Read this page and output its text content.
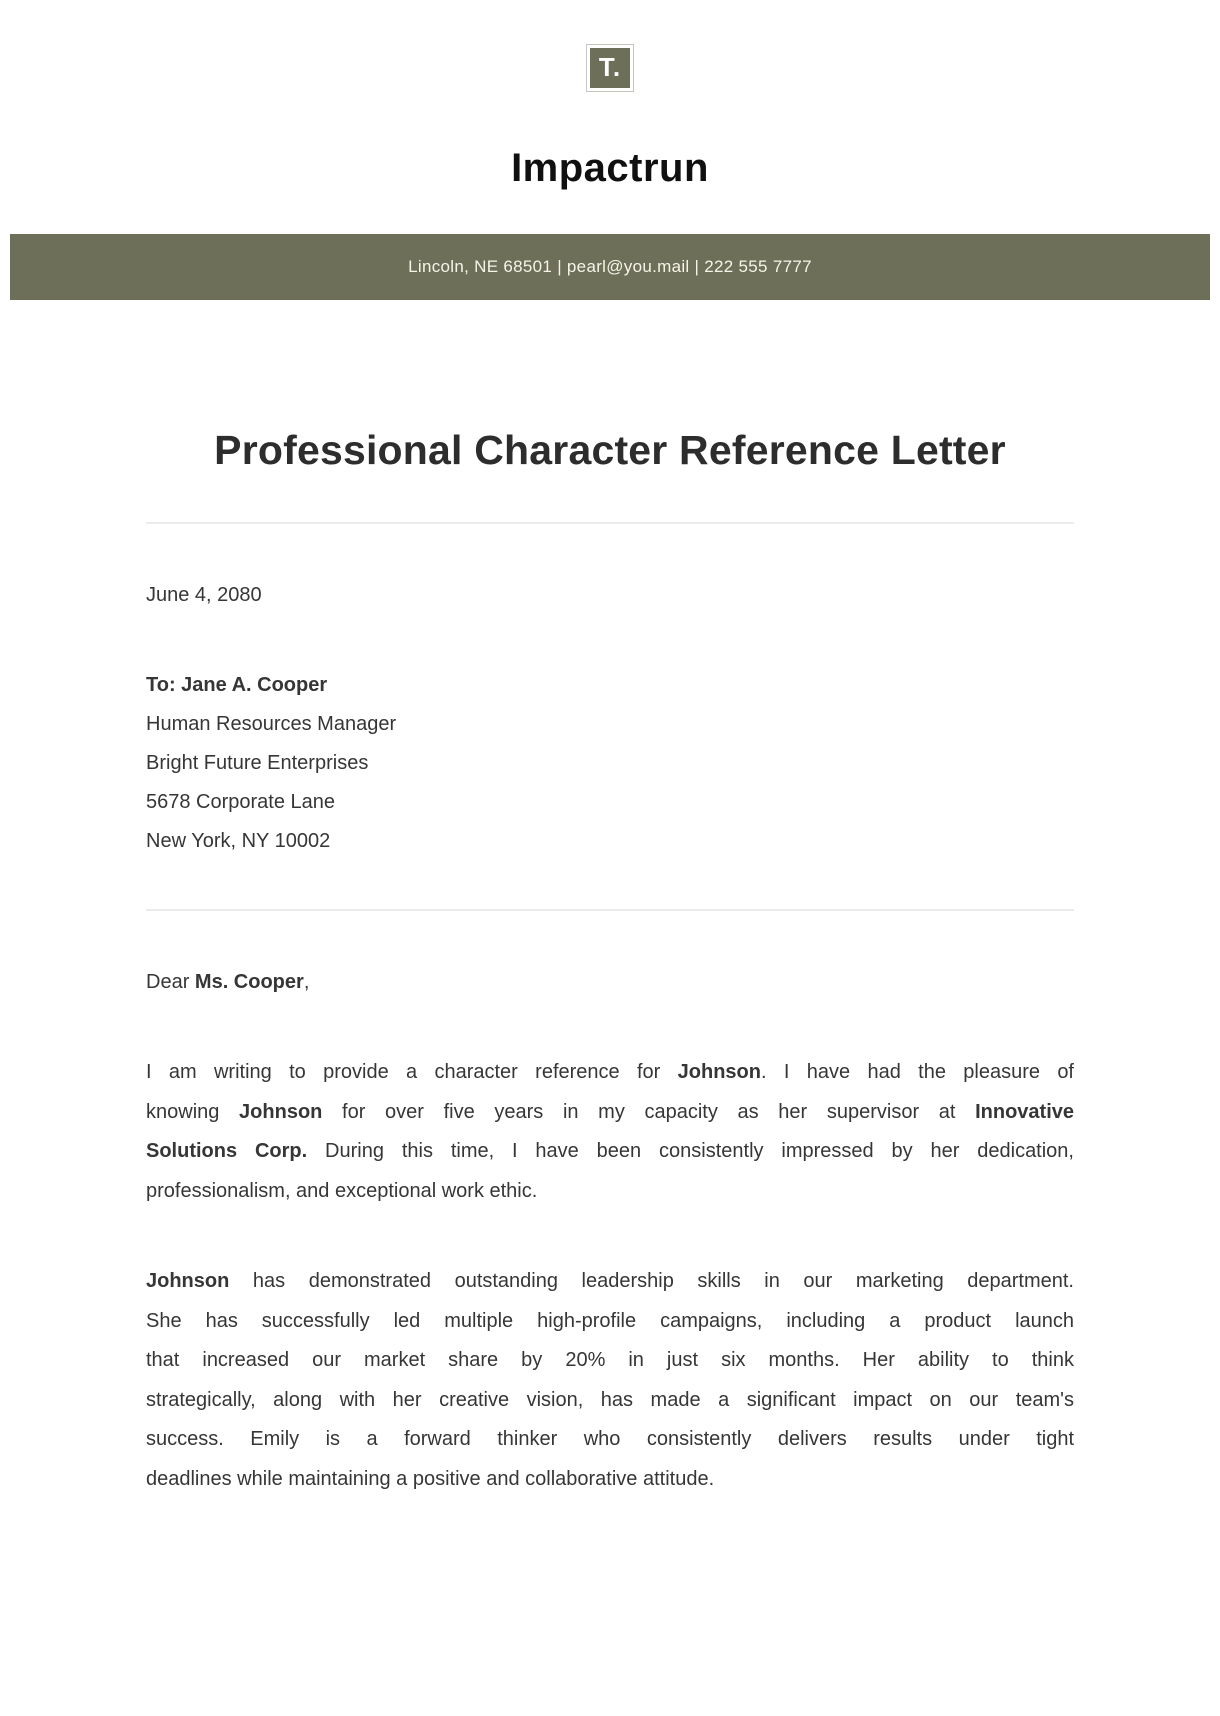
T.
Impactrun
Lincoln, NE 68501 | pearl@you.mail | 222 555 7777
Professional Character Reference Letter

June 4, 2080

To: Jane A. Cooper
Human Resources Manager
Bright Future Enterprises
5678 Corporate Lane
New York, NY 10002
Dear Ms. Cooper,
I am writing to provide a character reference for Johnson. I have had the pleasure of
knowing Johnson for over five years in my capacity as her supervisor at Innovative
Solutions Corp. During this time, I have been consistently impressed by her dedication,
professionalism, and exceptional work ethic.
Johnson has demonstrated outstanding leadership skills in our marketing department.
She has successfully led multiple high-profile campaigns, including a product launch
that increased our market share by 20% in just six months. Her ability to think
strategically, along with her creative vision, has made a significant impact on our team's
success. Emily is a forward thinker who consistently delivers results under tight
deadlines while maintaining a positive and collaborative attitude.
